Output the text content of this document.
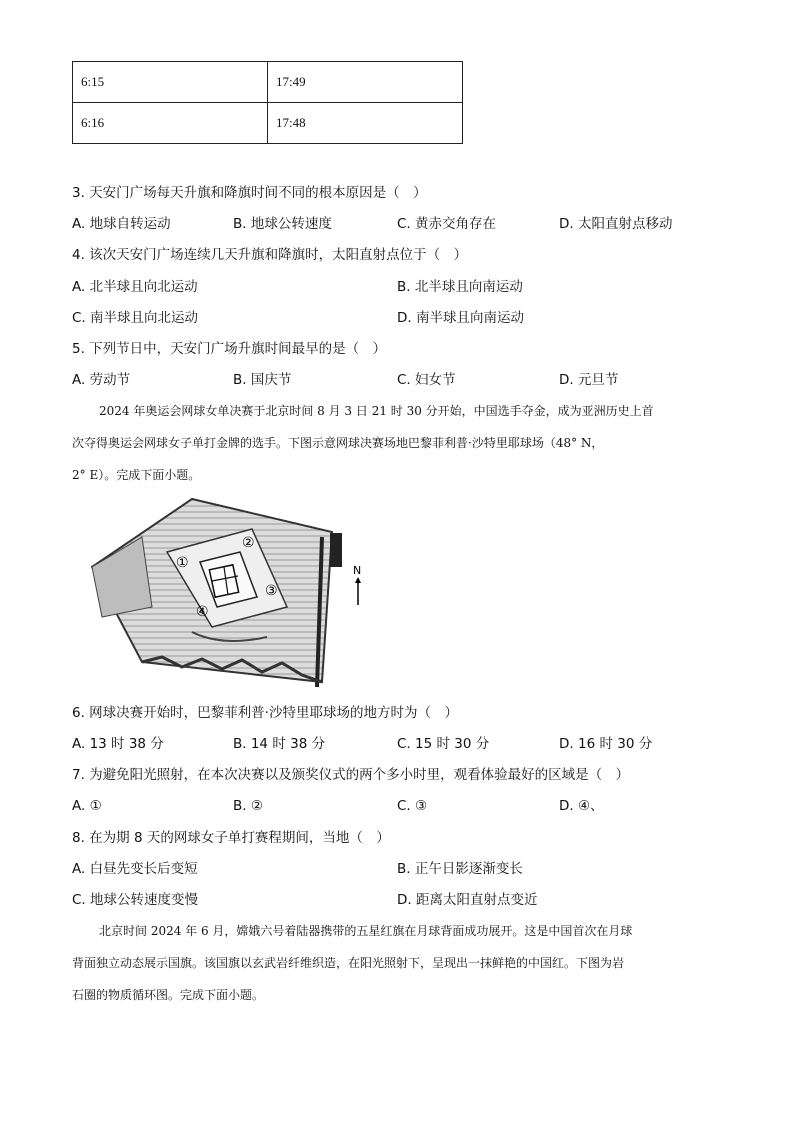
6:15	17:49
6:16	17:48
3. 天安门广场每天升旗和降旗时间不同的根本原因是（　）
A. 地球自转运动	B. 地球公转速度	C. 黄赤交角存在	D. 太阳直射点移动
4. 该次天安门广场连续几天升旗和降旗时，太阳直射点位于（　）
A. 北半球且向北运动	B. 北半球且向南运动
C. 南半球且向北运动	D. 南半球且向南运动
5. 下列节日中，天安门广场升旗时间最早的是（　）
A. 劳动节	B. 国庆节	C. 妇女节	D. 元旦节
2024 年奥运会网球女单决赛于北京时间 8 月 3 日 21 时 30 分开始，中国选手夺金，成为亚洲历史上首
次夺得奥运会网球女子单打金牌的选手。下图示意网球决赛场地巴黎菲利普·沙特里耶球场（48° N，
2° E）。完成下面小题。
②
①
③
④
N
6. 网球决赛开始时，巴黎菲利普·沙特里耶球场的地方时为（　）
A. 13 时 38 分	B. 14 时 38 分	C. 15 时 30 分	D. 16 时 30 分
7. 为避免阳光照射，在本次决赛以及颁奖仪式的两个多小时里，观看体验最好的区域是（　）
A. ①	B. ②	C. ③	D. ④、
8. 在为期 8 天的网球女子单打赛程期间，当地（　）
A. 白昼先变长后变短	B. 正午日影逐渐变长
C. 地球公转速度变慢	D. 距离太阳直射点变近
北京时间 2024 年 6 月，嫦娥六号着陆器携带的五星红旗在月球背面成功展开。这是中国首次在月球
背面独立动态展示国旗。该国旗以玄武岩纤维织造，在阳光照射下，呈现出一抹鲜艳的中国红。下图为岩
石圈的物质循环图。完成下面小题。
